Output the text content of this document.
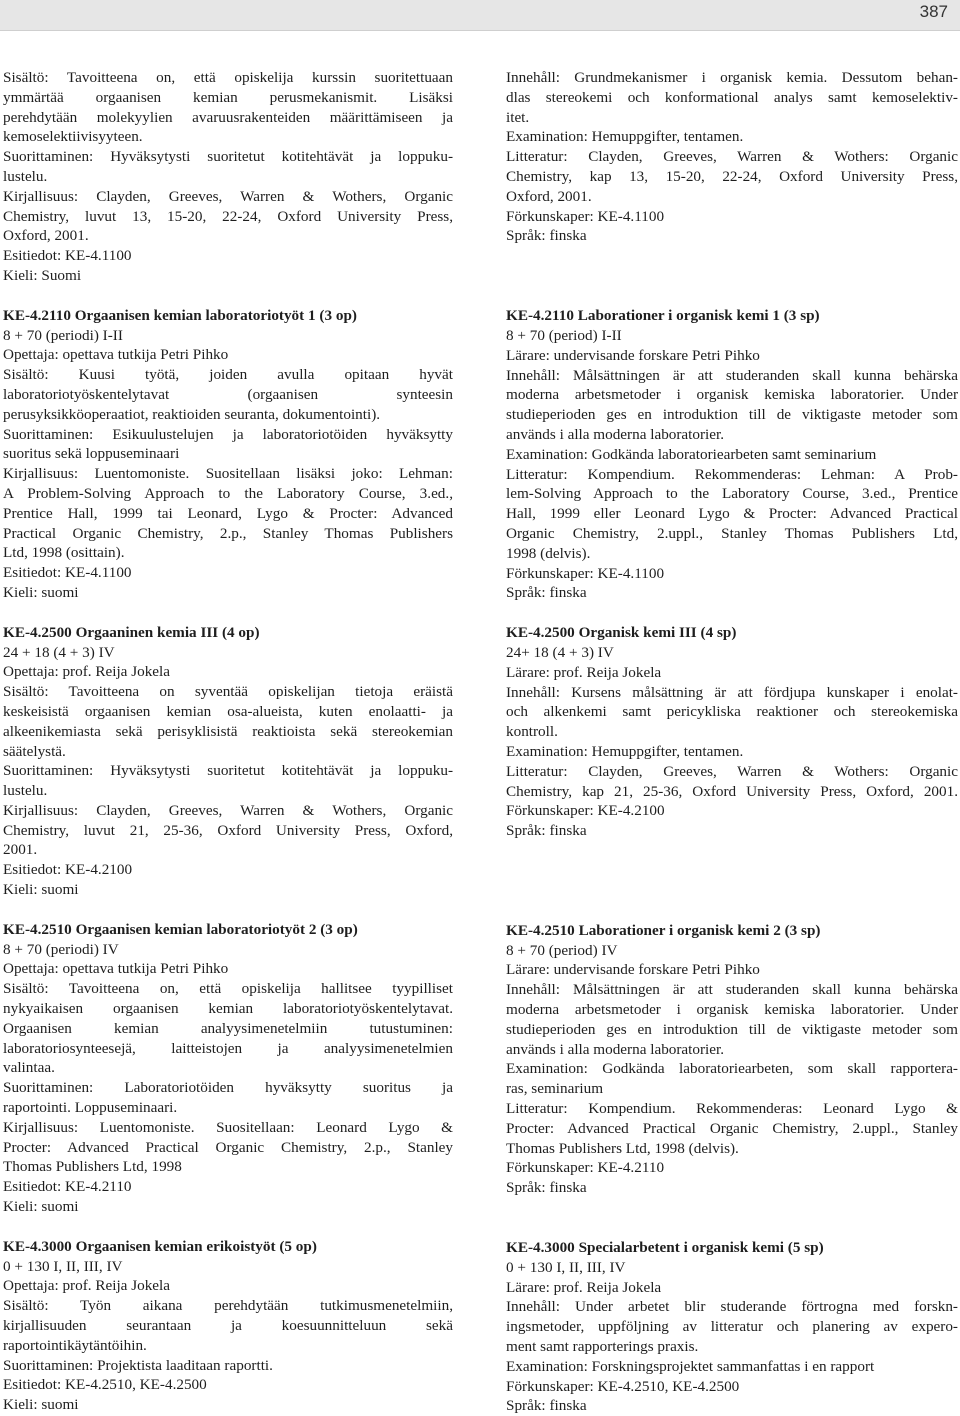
387
Sisältö: Tavoitteena on, että opiskelija kurssin suoritettuaan
ymmärtää orgaanisen kemian perusmekanismit. Lisäksi
perehdytään molekyylien avaruusrakenteiden määrittämiseen ja
kemoselektiivisyyteen.
Suorittaminen: Hyväksytysti suoritetut kotitehtävät ja loppuku-
lustelu.
Kirjallisuus: Clayden, Greeves, Warren & Wothers, Organic
Chemistry, luvut 13, 15-20, 22-24, Oxford University Press,
Oxford, 2001.
Esitiedot: KE-4.1100
Kieli: Suomi
KE-4.2110 Orgaanisen kemian laboratoriotyöt 1 (3 op)
8 + 70 (periodi) I-II
Opettaja: opettava tutkija Petri Pihko
Sisältö: Kuusi työtä, joiden avulla opitaan hyvät
laboratoriotyöskentelytavat (orgaanisen synteesin
perusyksikköoperaatiot, reaktioiden seuranta, dokumentointi).
Suorittaminen: Esikuulustelujen ja laboratoriotöiden hyväksytty
suoritus sekä loppuseminaari
Kirjallisuus: Luentomoniste. Suositellaan lisäksi joko: Lehman:
A Problem-Solving Approach to the Laboratory Course, 3.ed.,
Prentice Hall, 1999 tai Leonard, Lygo & Procter: Advanced
Practical Organic Chemistry, 2.p., Stanley Thomas Publishers
Ltd, 1998 (osittain).
Esitiedot: KE-4.1100
Kieli: suomi
KE-4.2500 Orgaaninen kemia III (4 op)
24 + 18 (4 + 3) IV
Opettaja: prof. Reija Jokela
Sisältö: Tavoitteena on syventää opiskelijan tietoja eräistä
keskeisistä orgaanisen kemian osa-alueista, kuten enolaatti- ja
alkeenikemiasta sekä perisyklisistä reaktioista sekä stereokemian
säätelystä.
Suorittaminen: Hyväksytysti suoritetut kotitehtävät ja loppuku-
lustelu.
Kirjallisuus: Clayden, Greeves, Warren & Wothers, Organic
Chemistry, luvut 21, 25-36, Oxford University Press, Oxford,
2001.
Esitiedot: KE-4.2100
Kieli: suomi
KE-4.2510 Orgaanisen kemian laboratoriotyöt 2 (3 op)
8 + 70 (periodi) IV
Opettaja: opettava tutkija Petri Pihko
Sisältö: Tavoitteena on, että opiskelija hallitsee tyypilliset
nykyaikaisen orgaanisen kemian laboratoriotyöskentelytavat.
Orgaanisen kemian analyysimenetelmiin tutustuminen:
laboratoriosynteesejä, laitteistojen ja analyysimenetelmien
valintaa.
Suorittaminen: Laboratoriotöiden hyväksytty suoritus ja
raportointi. Loppuseminaari.
Kirjallisuus: Luentomoniste. Suositellaan: Leonard Lygo &
Procter: Advanced Practical Organic Chemistry, 2.p., Stanley
Thomas Publishers Ltd, 1998
Esitiedot: KE-4.2110
Kieli: suomi
KE-4.3000 Orgaanisen kemian erikoistyöt (5 op)
0 + 130 I, II, III, IV
Opettaja: prof. Reija Jokela
Sisältö: Työn aikana perehdytään tutkimusmenetelmiin,
kirjallisuuden seurantaan ja koesuunnitteluun sekä
raportointikäytäntöihin.
Suorittaminen: Projektista laaditaan raportti.
Esitiedot: KE-4.2510, KE-4.2500
Kieli: suomi
Innehåll: Grundmekanismer i organisk kemia. Dessutom behan-
dlas stereokemi och konformational analys samt kemoselektiv-
itet.
Examination: Hemuppgifter, tentamen.
Litteratur: Clayden, Greeves, Warren & Wothers: Organic
Chemistry, kap 13, 15-20, 22-24, Oxford University Press,
Oxford, 2001.
Förkunskaper: KE-4.1100
Språk: finska
KE-4.2110 Laborationer i organisk kemi 1 (3 sp)
8 + 70 (period) I-II
Lärare: undervisande forskare Petri Pihko
Innehåll: Målsättningen är att studeranden skall kunna behärska
moderna arbetsmetoder i organisk kemiska laboratorier. Under
studieperioden ges en introduktion till de viktigaste metoder som
används i alla moderna laboratorier.
Examination: Godkända laboratoriearbeten samt seminarium
Litteratur: Kompendium. Rekommenderas: Lehman: A Prob-
lem-Solving Approach to the Laboratory Course, 3.ed., Prentice
Hall, 1999 eller Leonard Lygo & Procter: Advanced Practical
Organic Chemistry, 2.uppl., Stanley Thomas Publishers Ltd,
1998 (delvis).
Förkunskaper: KE-4.1100
Språk: finska
KE-4.2500 Organisk kemi III (4 sp)
24+ 18 (4 + 3) IV
Lärare: prof. Reija Jokela
Innehåll: Kursens målsättning är att fördjupa kunskaper i enolat-
och alkenkemi samt pericykliska reaktioner och stereokemiska
kontroll.
Examination: Hemuppgifter, tentamen.
Litteratur: Clayden, Greeves, Warren & Wothers: Organic
Chemistry, kap 21, 25-36, Oxford University Press, Oxford, 2001.
Förkunskaper: KE-4.2100
Språk: finska
KE-4.2510 Laborationer i organisk kemi 2 (3 sp)
8 + 70 (period) IV
Lärare: undervisande forskare Petri Pihko
Innehåll: Målsättningen är att studeranden skall kunna behärska
moderna arbetsmetoder i organisk kemiska laboratorier. Under
studieperioden ges en introduktion till de viktigaste metoder som
används i alla moderna laboratorier.
Examination: Godkända laboratoriearbeten, som skall rapportera-
ras, seminarium
Litteratur: Kompendium. Rekommenderas: Leonard Lygo &
Procter: Advanced Practical Organic Chemistry, 2.uppl., Stanley
Thomas Publishers Ltd, 1998 (delvis).
Förkunskaper: KE-4.2110
Språk: finska
KE-4.3000 Specialarbetent i organisk kemi (5 sp)
0 + 130 I, II, III, IV
Lärare: prof. Reija Jokela
Innehåll: Under arbetet blir studerande förtrogna med forskn-
ingsmetoder, uppföljning av litteratur och planering av expero-
ment samt rapporterings praxis.
Examination: Forskningsprojektet sammanfattas i en rapport
Förkunskaper: KE-4.2510, KE-4.2500
Språk: finska
